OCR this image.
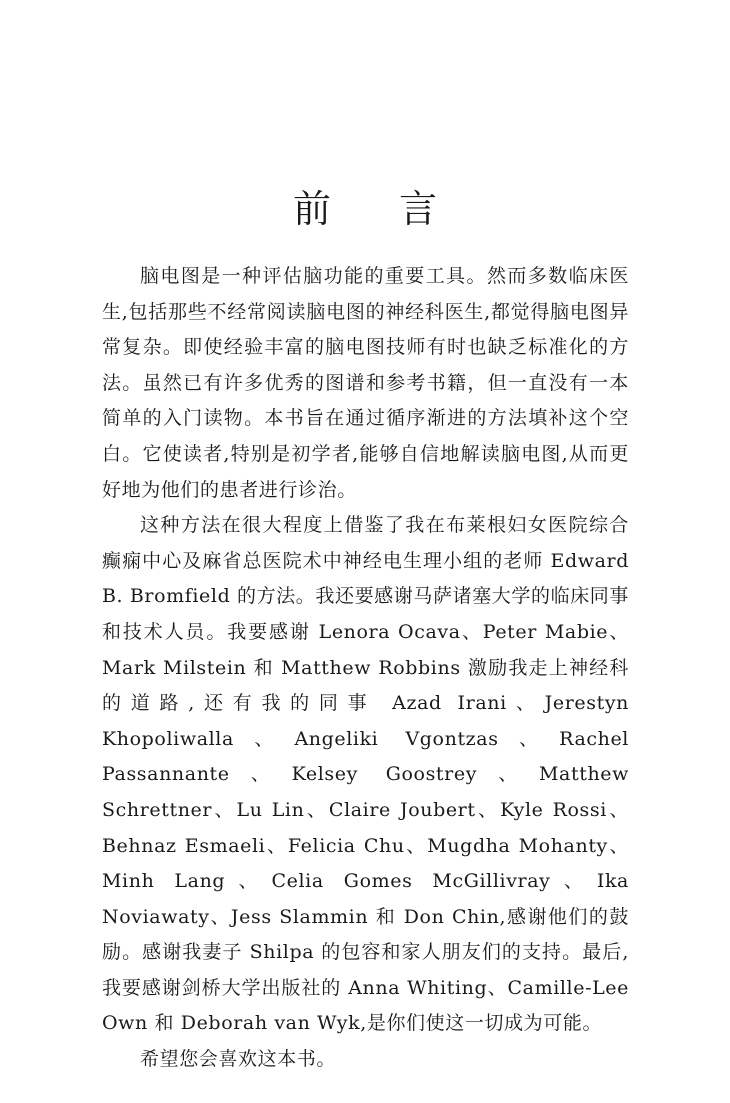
前 言

脑电图是一种评估脑功能的重要工具。然而多数临床医生,包括那些不经常阅读脑电图的神经科医生,都觉得脑电图异常复杂。即使经验丰富的脑电图技师有时也缺乏标准化的方法。虽然已有许多优秀的图谱和参考书籍，但一直没有一本简单的入门读物。本书旨在通过循序渐进的方法填补这个空白。它使读者,特别是初学者,能够自信地解读脑电图,从而更好地为他们的患者进行诊治。

这种方法在很大程度上借鉴了我在布莱根妇女医院综合癫痫中心及麻省总医院术中神经电生理小组的老师 Edward B. Bromfield 的方法。我还要感谢马萨诸塞大学的临床同事和技术人员。我要感谢 Lenora Ocava、Peter Mabie、Mark Milstein 和 Matthew Robbins 激励我走上神经科的道路,还有我的同事 Azad Irani、Jerestyn Khopoliwalla、Angeliki Vgontzas、Rachel Passannante、Kelsey Goostrey、Matthew Schrettner、Lu Lin、Claire Joubert、Kyle Rossi、Behnaz Esmaeli、Felicia Chu、Mugdha Mohanty、Minh Lang、Celia Gomes McGillivray、Ika Noviawaty、Jess Slammin 和 Don Chin,感谢他们的鼓励。感谢我妻子 Shilpa 的包容和家人朋友们的支持。最后,我要感谢剑桥大学出版社的 Anna Whiting、Camille-Lee Own 和 Deborah van Wyk,是你们使这一切成为可能。

希望您会喜欢这本书。
